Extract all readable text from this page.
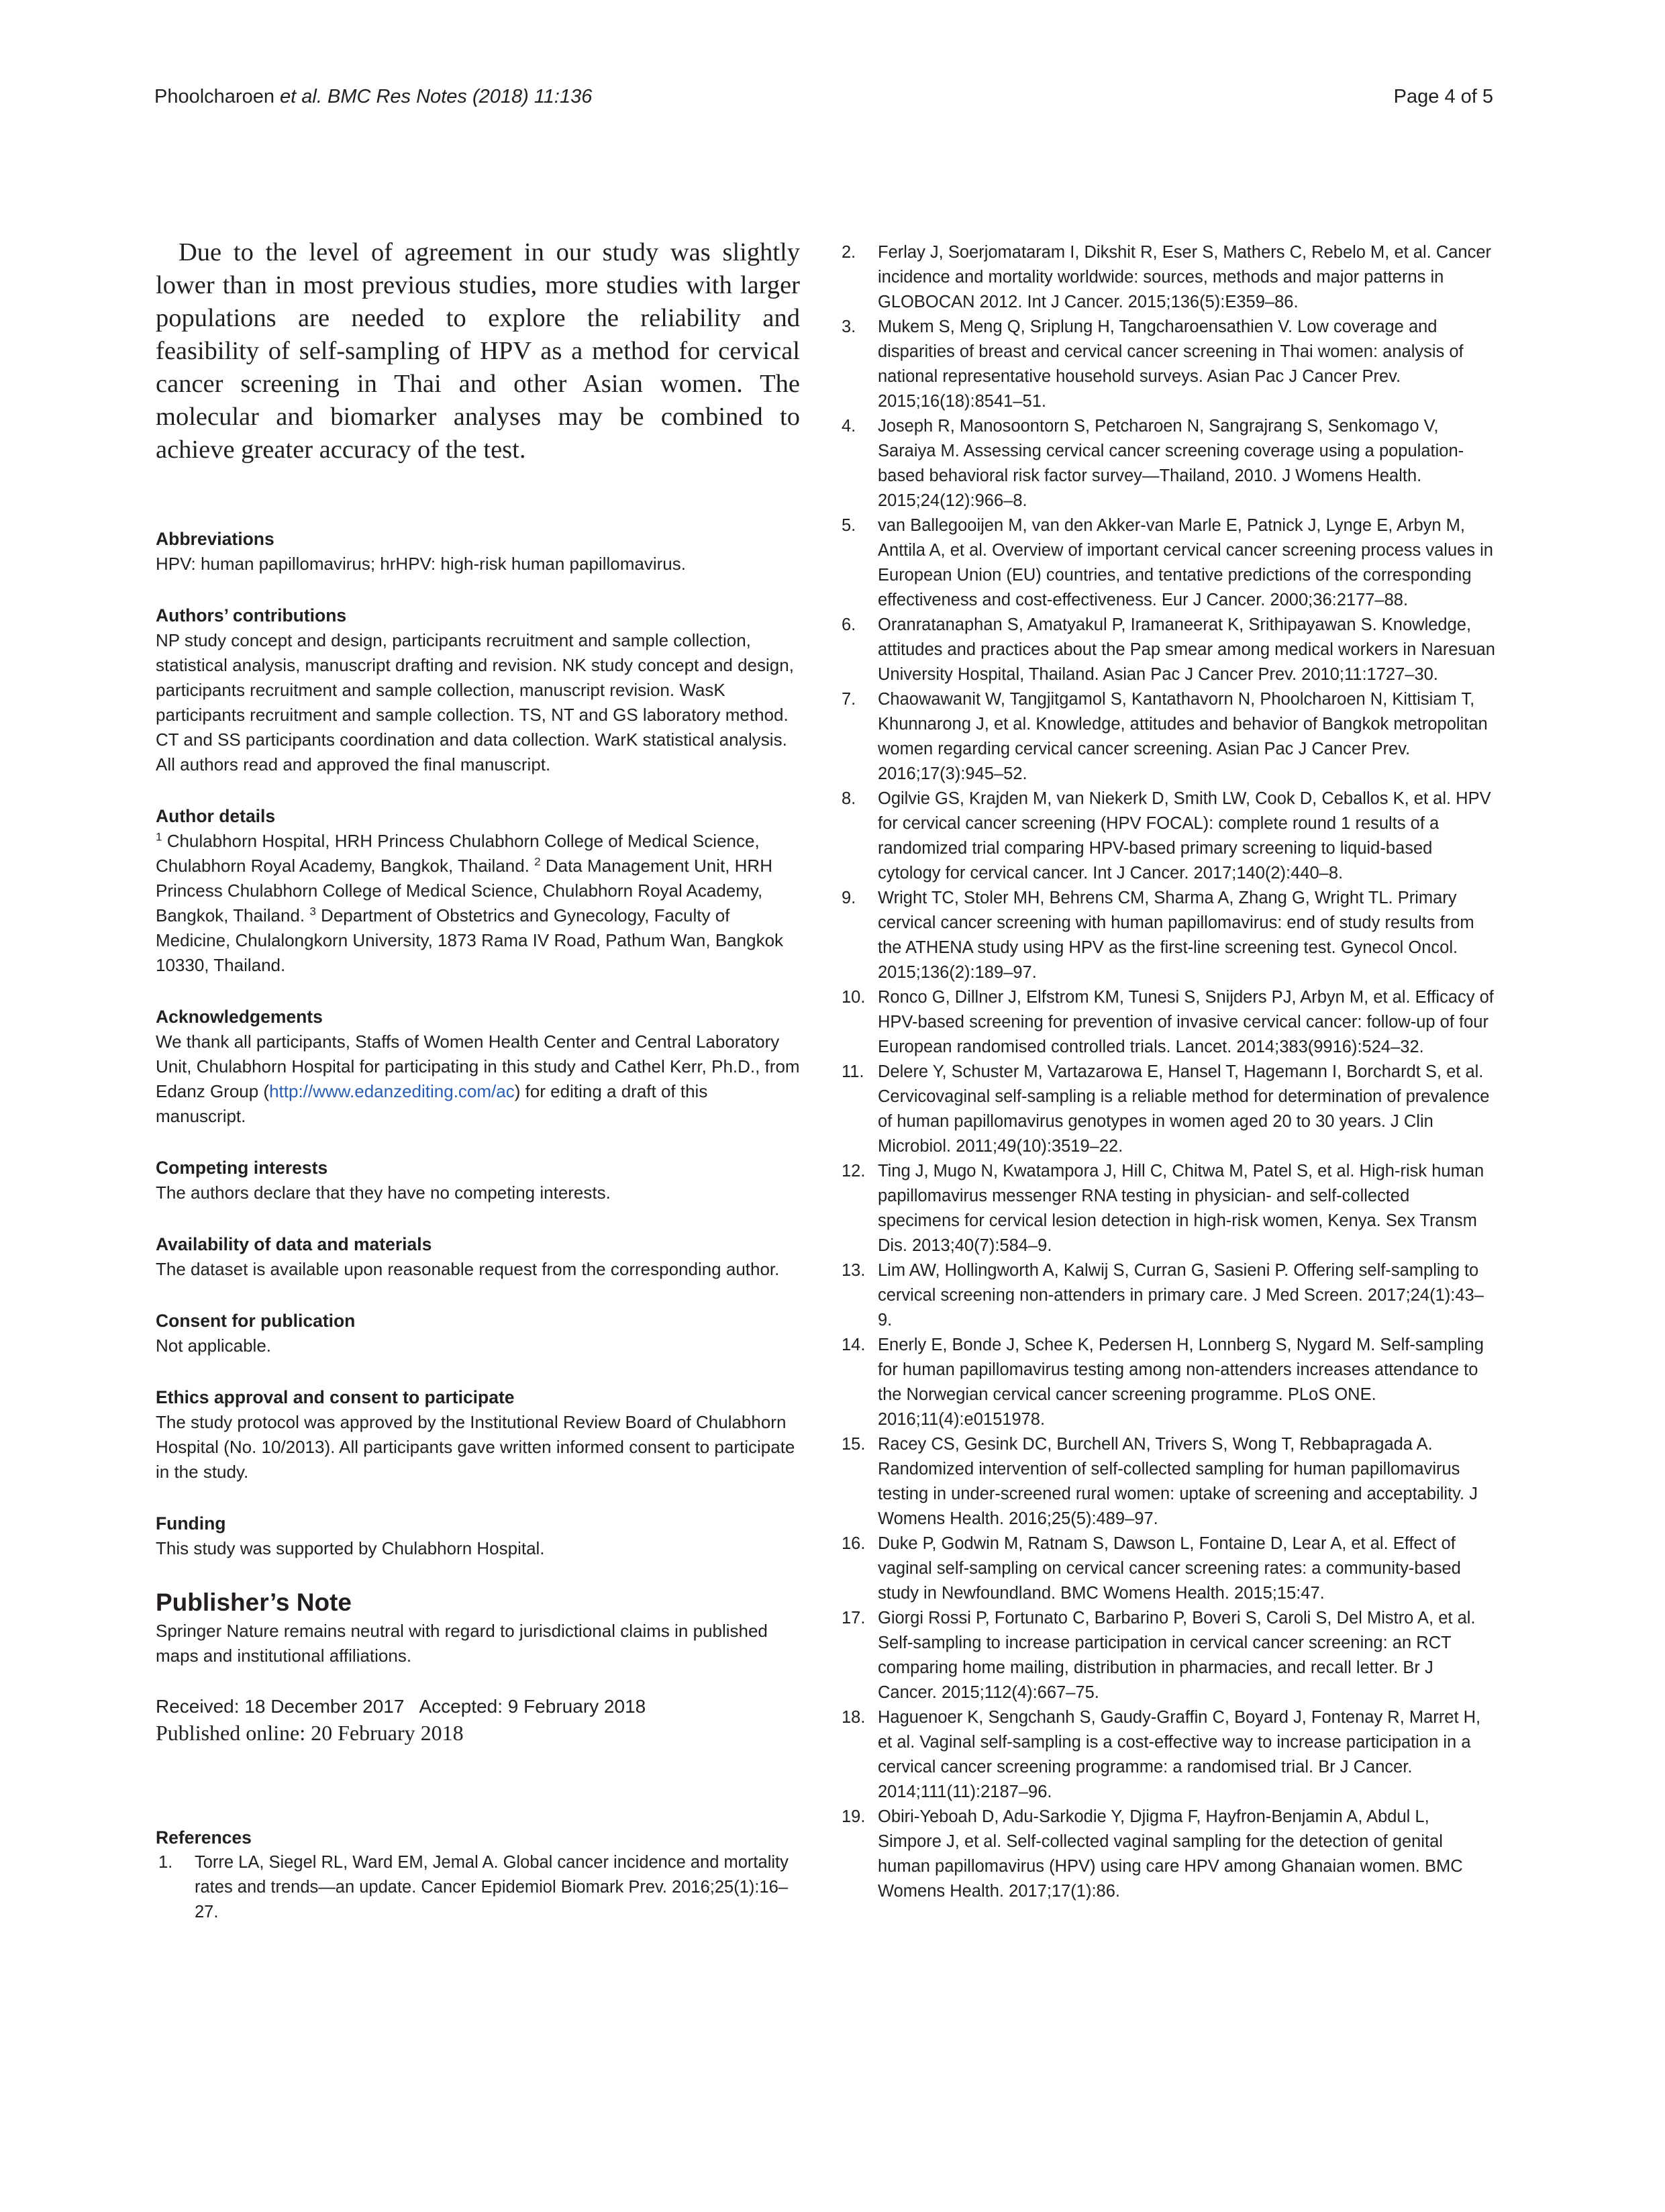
Phoolcharoen et al. BMC Res Notes (2018) 11:136	Page 4 of 5

Due to the level of agreement in our study was slightly lower than in most previous studies, more studies with larger populations are needed to explore the reliability and feasibility of self-sampling of HPV as a method for cervical cancer screening in Thai and other Asian women. The molecular and biomarker analyses may be combined to achieve greater accuracy of the test.

Abbreviations

HPV: human papillomavirus; hrHPV: high-risk human papillomavirus.

Authors’ contributions

NP study concept and design, participants recruitment and sample collection, statistical analysis, manuscript drafting and revision. NK study concept and design, participants recruitment and sample collection, manuscript revision. WasK participants recruitment and sample collection. TS, NT and GS laboratory method. CT and SS participants coordination and data collection. WarK statistical analysis. All authors read and approved the final manuscript.

Author details

$^1$ Chulabhorn Hospital, HRH Princess Chulabhorn College of Medical Science, Chulabhorn Royal Academy, Bangkok, Thailand. $^2$ Data Management Unit, HRH Princess Chulabhorn College of Medical Science, Chulabhorn Royal Academy, Bangkok, Thailand. $^3$ Department of Obstetrics and Gynecology, Faculty of Medicine, Chulalongkorn University, 1873 Rama IV Road, Pathum Wan, Bangkok 10330, Thailand.

Acknowledgements

We thank all participants, Staffs of Women Health Center and Central Laboratory Unit, Chulabhorn Hospital for participating in this study and Cathel Kerr, Ph.D., from Edanz Group (http://www.edanzediting.com/ac) for editing a draft of this manuscript.

Competing interests

The authors declare that they have no competing interests.

Availability of data and materials

The dataset is available upon reasonable request from the corresponding author.

Consent for publication

Not applicable.

Ethics approval and consent to participate

The study protocol was approved by the Institutional Review Board of Chulabhorn Hospital (No. 10/2013). All participants gave written informed consent to participate in the study.

Funding

This study was supported by Chulabhorn Hospital.

Publisher’s Note

Springer Nature remains neutral with regard to jurisdictional claims in published maps and institutional affiliations.

Received: 18 December 2017 Accepted: 9 February 2018
Published online: 20 February 2018
References
1. Torre LA, Siegel RL, Ward EM, Jemal A. Global cancer incidence and mortality rates and trends—an update. Cancer Epidemiol Biomark Prev. 2016;25(1):16–27.
2. Ferlay J, Soerjomataram I, Dikshit R, Eser S, Mathers C, Rebelo M, et al. Cancer incidence and mortality worldwide: sources, methods and major patterns in GLOBOCAN 2012. Int J Cancer. 2015;136(5):E359–86.
3. Mukem S, Meng Q, Sriplung H, Tangcharoensathien V. Low coverage and disparities of breast and cervical cancer screening in Thai women: analysis of national representative household surveys. Asian Pac J Cancer Prev. 2015;16(18):8541–51.
4. Joseph R, Manosoontorn S, Petcharoen N, Sangrajrang S, Senkomago V, Saraiya M. Assessing cervical cancer screening coverage using a population-based behavioral risk factor survey—Thailand, 2010. J Womens Health. 2015;24(12):966–8.
5. van Ballegooijen M, van den Akker-van Marle E, Patnick J, Lynge E, Arbyn M, Anttila A, et al. Overview of important cervical cancer screening process values in European Union (EU) countries, and tentative predictions of the corresponding effectiveness and cost-effectiveness. Eur J Cancer. 2000;36:2177–88.
6. Oranratanaphan S, Amatyakul P, Iramaneerat K, Srithipayawan S. Knowledge, attitudes and practices about the Pap smear among medical workers in Naresuan University Hospital, Thailand. Asian Pac J Cancer Prev. 2010;11:1727–30.
7. Chaowawanit W, Tangjitgamol S, Kantathavorn N, Phoolcharoen N, Kittisiam T, Khunnarong J, et al. Knowledge, attitudes and behavior of Bangkok metropolitan women regarding cervical cancer screening. Asian Pac J Cancer Prev. 2016;17(3):945–52.
8. Ogilvie GS, Krajden M, van Niekerk D, Smith LW, Cook D, Ceballos K, et al. HPV for cervical cancer screening (HPV FOCAL): complete round 1 results of a randomized trial comparing HPV-based primary screening to liquid-based cytology for cervical cancer. Int J Cancer. 2017;140(2):440–8.
9. Wright TC, Stoler MH, Behrens CM, Sharma A, Zhang G, Wright TL. Primary cervical cancer screening with human papillomavirus: end of study results from the ATHENA study using HPV as the first-line screening test. Gynecol Oncol. 2015;136(2):189–97.
10. Ronco G, Dillner J, Elfstrom KM, Tunesi S, Snijders PJ, Arbyn M, et al. Efficacy of HPV-based screening for prevention of invasive cervical cancer: follow-up of four European randomised controlled trials. Lancet. 2014;383(9916):524–32.
11. Delere Y, Schuster M, Vartazarowa E, Hansel T, Hagemann I, Borchardt S, et al. Cervicovaginal self-sampling is a reliable method for determination of prevalence of human papillomavirus genotypes in women aged 20 to 30 years. J Clin Microbiol. 2011;49(10):3519–22.
12. Ting J, Mugo N, Kwatampora J, Hill C, Chitwa M, Patel S, et al. High-risk human papillomavirus messenger RNA testing in physician- and self-collected specimens for cervical lesion detection in high-risk women, Kenya. Sex Transm Dis. 2013;40(7):584–9.
13. Lim AW, Hollingworth A, Kalwij S, Curran G, Sasieni P. Offering self-sampling to cervical screening non-attenders in primary care. J Med Screen. 2017;24(1):43–9.
14. Enerly E, Bonde J, Schee K, Pedersen H, Lonnberg S, Nygard M. Self-sampling for human papillomavirus testing among non-attenders increases attendance to the Norwegian cervical cancer screening programme. PLoS ONE. 2016;11(4):e0151978.
15. Racey CS, Gesink DC, Burchell AN, Trivers S, Wong T, Rebbapragada A. Randomized intervention of self-collected sampling for human papillomavirus testing in under-screened rural women: uptake of screening and acceptability. J Womens Health. 2016;25(5):489–97.
16. Duke P, Godwin M, Ratnam S, Dawson L, Fontaine D, Lear A, et al. Effect of vaginal self-sampling on cervical cancer screening rates: a community-based study in Newfoundland. BMC Womens Health. 2015;15:47.
17. Giorgi Rossi P, Fortunato C, Barbarino P, Boveri S, Caroli S, Del Mistro A, et al. Self-sampling to increase participation in cervical cancer screening: an RCT comparing home mailing, distribution in pharmacies, and recall letter. Br J Cancer. 2015;112(4):667–75.
18. Haguenoer K, Sengchanh S, Gaudy-Graffin C, Boyard J, Fontenay R, Marret H, et al. Vaginal self-sampling is a cost-effective way to increase participation in a cervical cancer screening programme: a randomised trial. Br J Cancer. 2014;111(11):2187–96.
19. Obiri-Yeboah D, Adu-Sarkodie Y, Djigma F, Hayfron-Benjamin A, Abdul L, Simpore J, et al. Self-collected vaginal sampling for the detection of genital human papillomavirus (HPV) using care HPV among Ghanaian women. BMC Womens Health. 2017;17(1):86.
